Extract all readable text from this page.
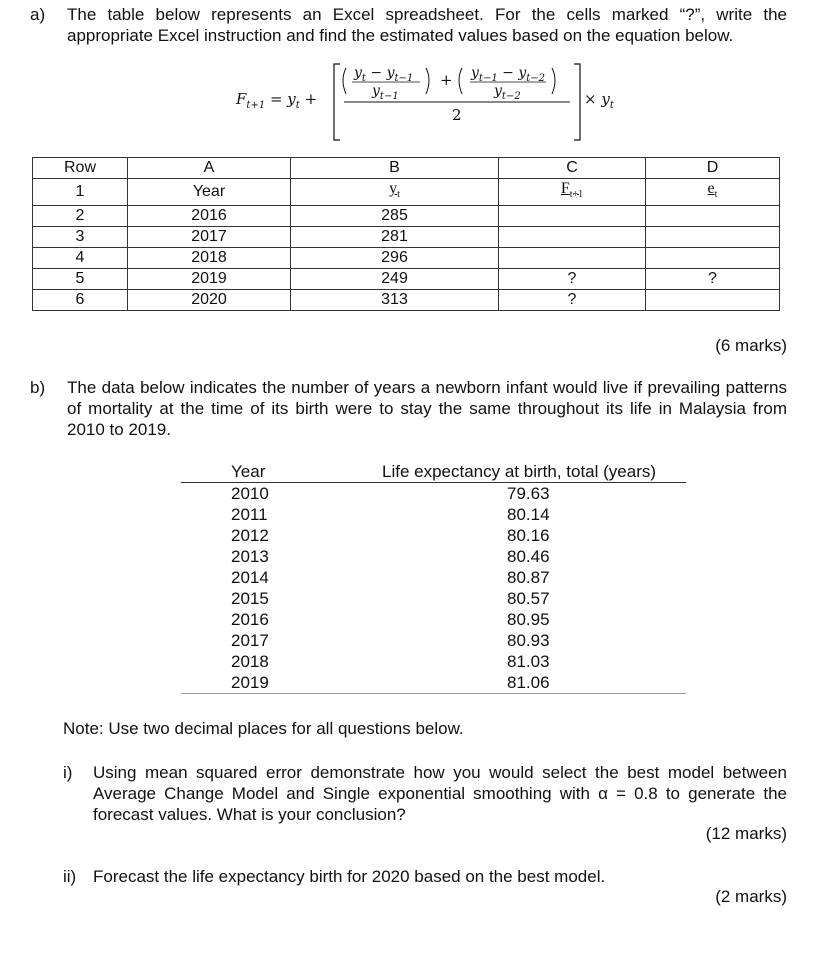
a) The table below represents an Excel spreadsheet. For the cells marked “?”, write the appropriate Excel instruction and find the estimated values based on the equation below.
$F_{t+1} = y_t$ +
$y_t - y_{t-1}$
$y_{t-1}$
+ $y_{t-1} - y_{t-2}$
$y_{t-2}$
2
× $y_t$
Row	A	B	C	D
1	Year	$y_t$	$F_{t+1}$	$e_t$
2	2016	285		
3	2017	281		
4	2018	296		
5	2019	249	?	?
6	2020	313	?	
(6 marks)
b) The data below indicates the number of years a newborn infant would live if prevailing patterns of mortality at the time of its birth were to stay the same throughout its life in Malaysia from 2010 to 2019.
Year	Life expectancy at birth, total (years)
2010	79.63
2011	80.14
2012	80.16
2013	80.46
2014	80.87
2015	80.57
2016	80.95
2017	80.93
2018	81.03
2019	81.06
Note: Use two decimal places for all questions below.
i) Using mean squared error demonstrate how you would select the best model between Average Change Model and Single exponential smoothing with α = 0.8 to generate the forecast values. What is your conclusion?
(12 marks)
ii) Forecast the life expectancy birth for 2020 based on the best model.
(2 marks)
